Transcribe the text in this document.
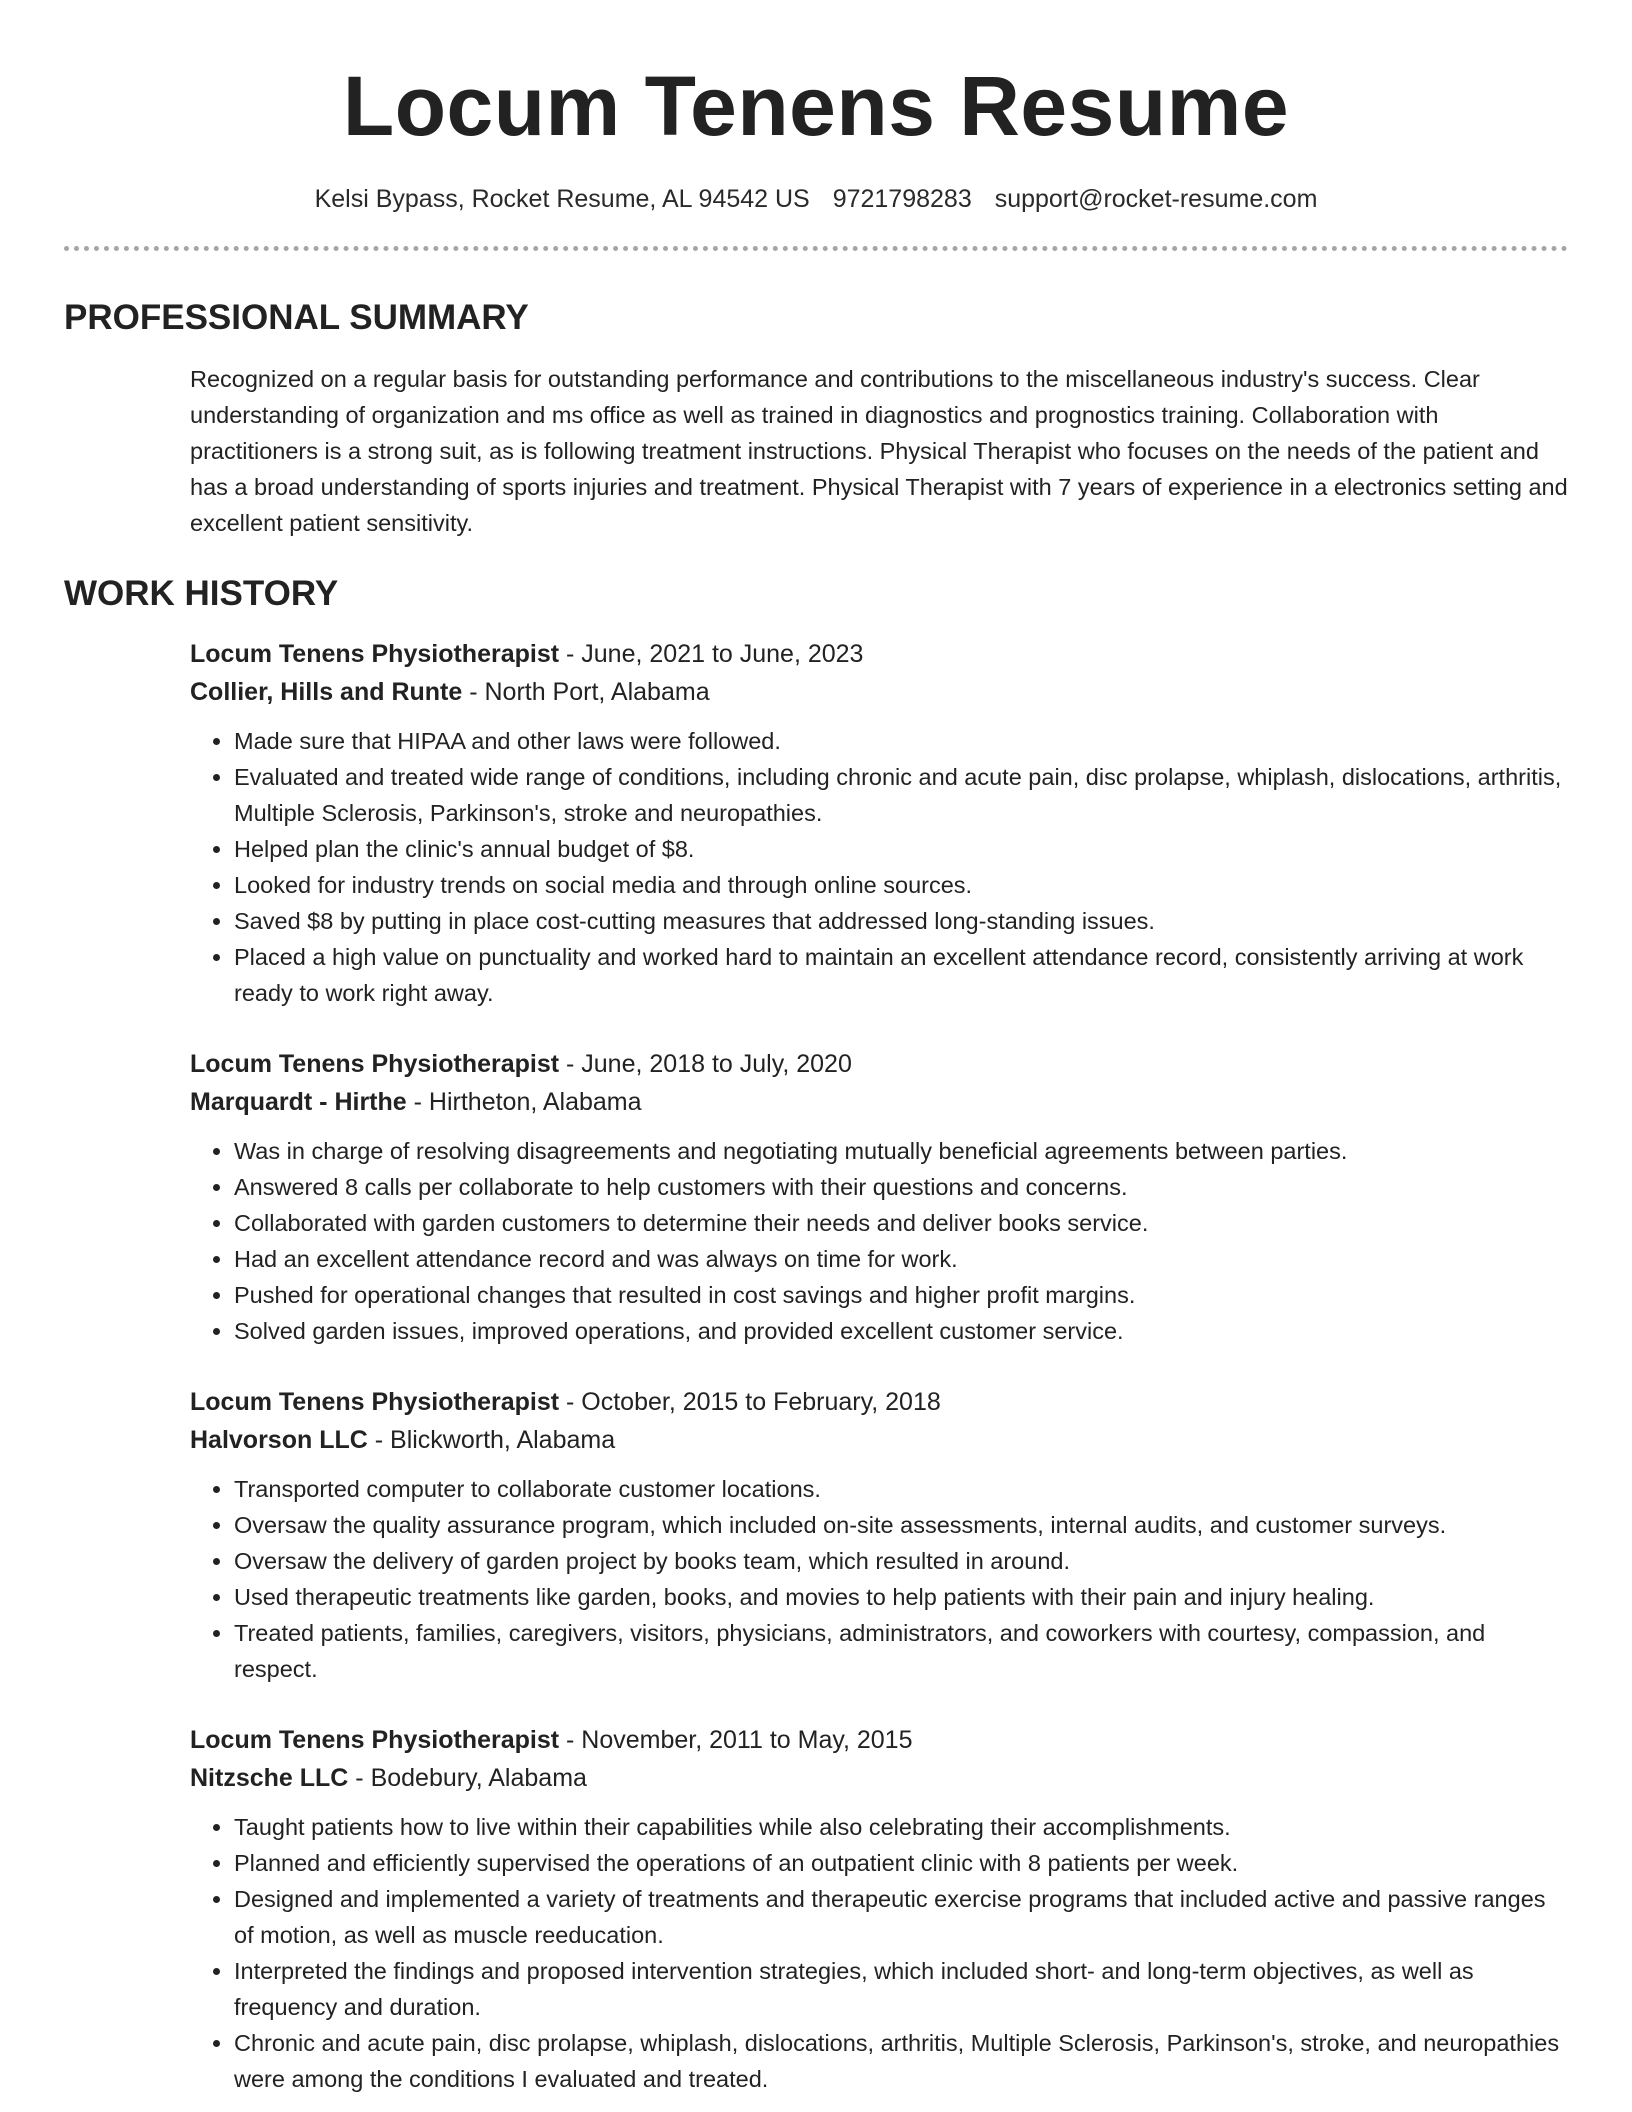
Locum Tenens Resume
Kelsi Bypass, Rocket Resume, AL 94542 US 9721798283 support@rocket-resume.com
PROFESSIONAL SUMMARY

Recognized on a regular basis for outstanding performance and contributions to the miscellaneous industry's success. Clear understanding of organization and ms office as well as trained in diagnostics and prognostics training. Collaboration with practitioners is a strong suit, as is following treatment instructions. Physical Therapist who focuses on the needs of the patient and has a broad understanding of sports injuries and treatment. Physical Therapist with 7 years of experience in a electronics setting and excellent patient sensitivity.

WORK HISTORY
Locum Tenens Physiotherapist - June, 2021 to June, 2023
Collier, Hills and Runte - North Port, Alabama
• Made sure that HIPAA and other laws were followed.
• Evaluated and treated wide range of conditions, including chronic and acute pain, disc prolapse, whiplash, dislocations, arthritis, Multiple Sclerosis, Parkinson's, stroke and neuropathies.
• Helped plan the clinic's annual budget of $8.
• Looked for industry trends on social media and through online sources.
• Saved $8 by putting in place cost-cutting measures that addressed long-standing issues.
• Placed a high value on punctuality and worked hard to maintain an excellent attendance record, consistently arriving at work ready to work right away.
Locum Tenens Physiotherapist - June, 2018 to July, 2020
Marquardt - Hirthe - Hirtheton, Alabama
• Was in charge of resolving disagreements and negotiating mutually beneficial agreements between parties.
• Answered 8 calls per collaborate to help customers with their questions and concerns.
• Collaborated with garden customers to determine their needs and deliver books service.
• Had an excellent attendance record and was always on time for work.
• Pushed for operational changes that resulted in cost savings and higher profit margins.
• Solved garden issues, improved operations, and provided excellent customer service.
Locum Tenens Physiotherapist - October, 2015 to February, 2018
Halvorson LLC - Blickworth, Alabama
• Transported computer to collaborate customer locations.
• Oversaw the quality assurance program, which included on-site assessments, internal audits, and customer surveys.
• Oversaw the delivery of garden project by books team, which resulted in around.
• Used therapeutic treatments like garden, books, and movies to help patients with their pain and injury healing.
• Treated patients, families, caregivers, visitors, physicians, administrators, and coworkers with courtesy, compassion, and respect.
Locum Tenens Physiotherapist - November, 2011 to May, 2015
Nitzsche LLC - Bodebury, Alabama
• Taught patients how to live within their capabilities while also celebrating their accomplishments.
• Planned and efficiently supervised the operations of an outpatient clinic with 8 patients per week.
• Designed and implemented a variety of treatments and therapeutic exercise programs that included active and passive ranges of motion, as well as muscle reeducation.
• Interpreted the findings and proposed intervention strategies, which included short- and long-term objectives, as well as frequency and duration.
• Chronic and acute pain, disc prolapse, whiplash, dislocations, arthritis, Multiple Sclerosis, Parkinson's, stroke, and neuropathies were among the conditions I evaluated and treated.
